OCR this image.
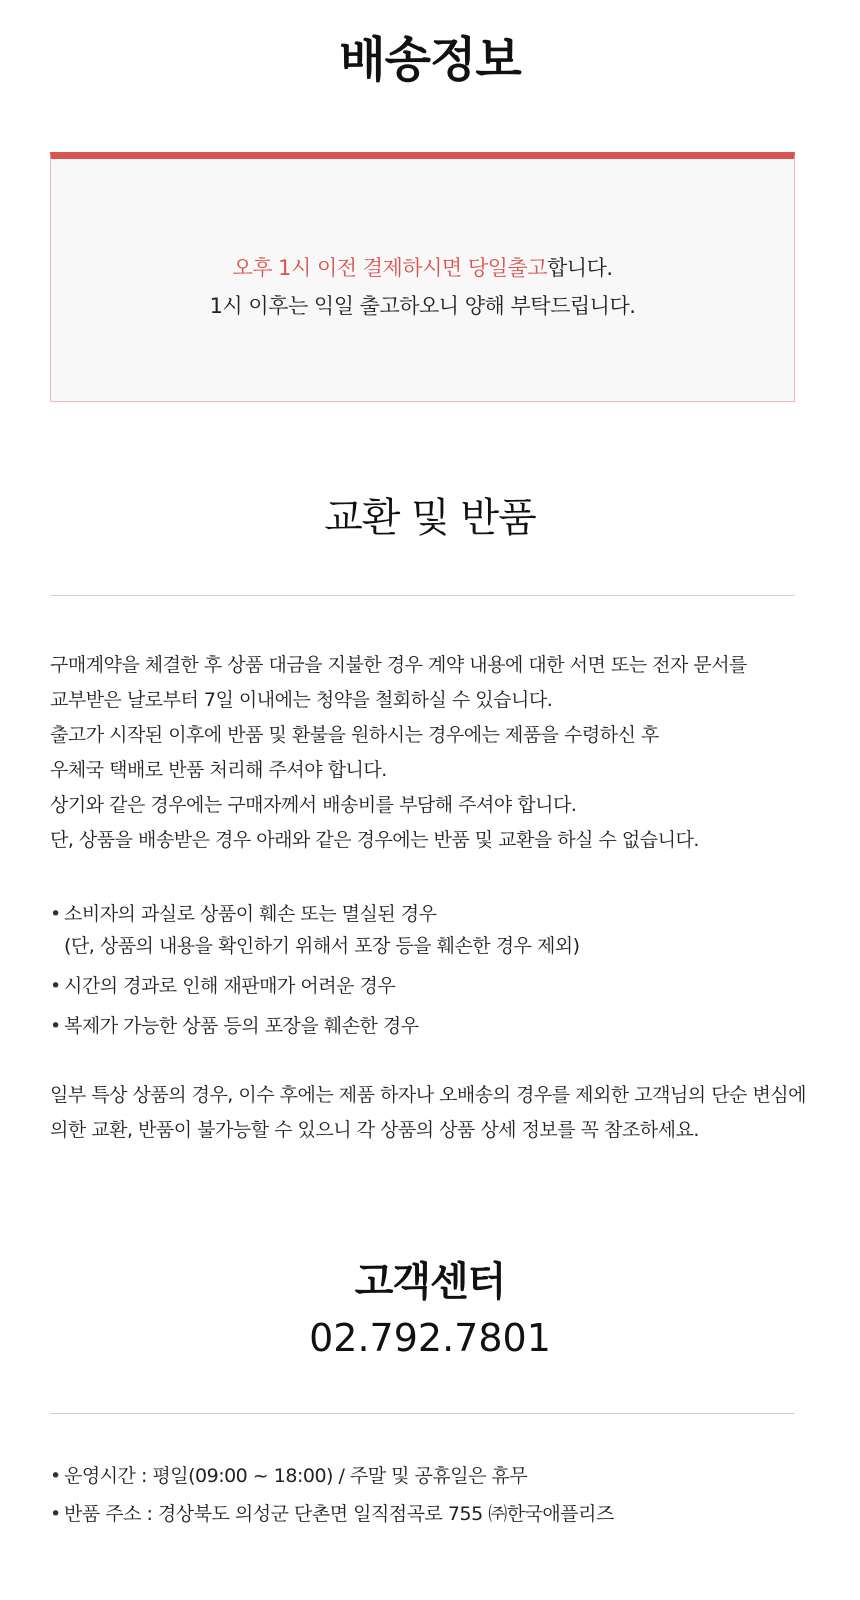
배송정보

오후 1시 이전 결제하시면 당일출고합니다.

1시 이후는 익일 출고하오니 양해 부탁드립니다.

교환 및 반품
구매계약을 체결한 후 상품 대금을 지불한 경우 계약 내용에 대한 서면 또는 전자 문서를
교부받은 날로부터 7일 이내에는 청약을 철회하실 수 있습니다.
출고가 시작된 이후에 반품 및 환불을 원하시는 경우에는 제품을 수령하신 후
우체국 택배로 반품 처리해 주셔야 합니다.
상기와 같은 경우에는 구매자께서 배송비를 부담해 주셔야 합니다.
단, 상품을 배송받은 경우 아래와 같은 경우에는 반품 및 교환을 하실 수 없습니다.
• 소비자의 과실로 상품이 훼손 또는 멸실된 경우
(단, 상품의 내용을 확인하기 위해서 포장 등을 훼손한 경우 제외)
• 시간의 경과로 인해 재판매가 어려운 경우
• 복제가 가능한 상품 등의 포장을 훼손한 경우
일부 특상 상품의 경우, 이수 후에는 제품 하자나 오배송의 경우를 제외한 고객님의 단순 변심에
의한 교환, 반품이 불가능할 수 있으니 각 상품의 상품 상세 정보를 꼭 참조하세요.
고객센터
02.792.7801
• 운영시간 : 평일(09:00 ~ 18:00) / 주말 및 공휴일은 휴무
• 반품 주소 : 경상북도 의성군 단촌면 일직점곡로 755 ㈜한국애플리즈
